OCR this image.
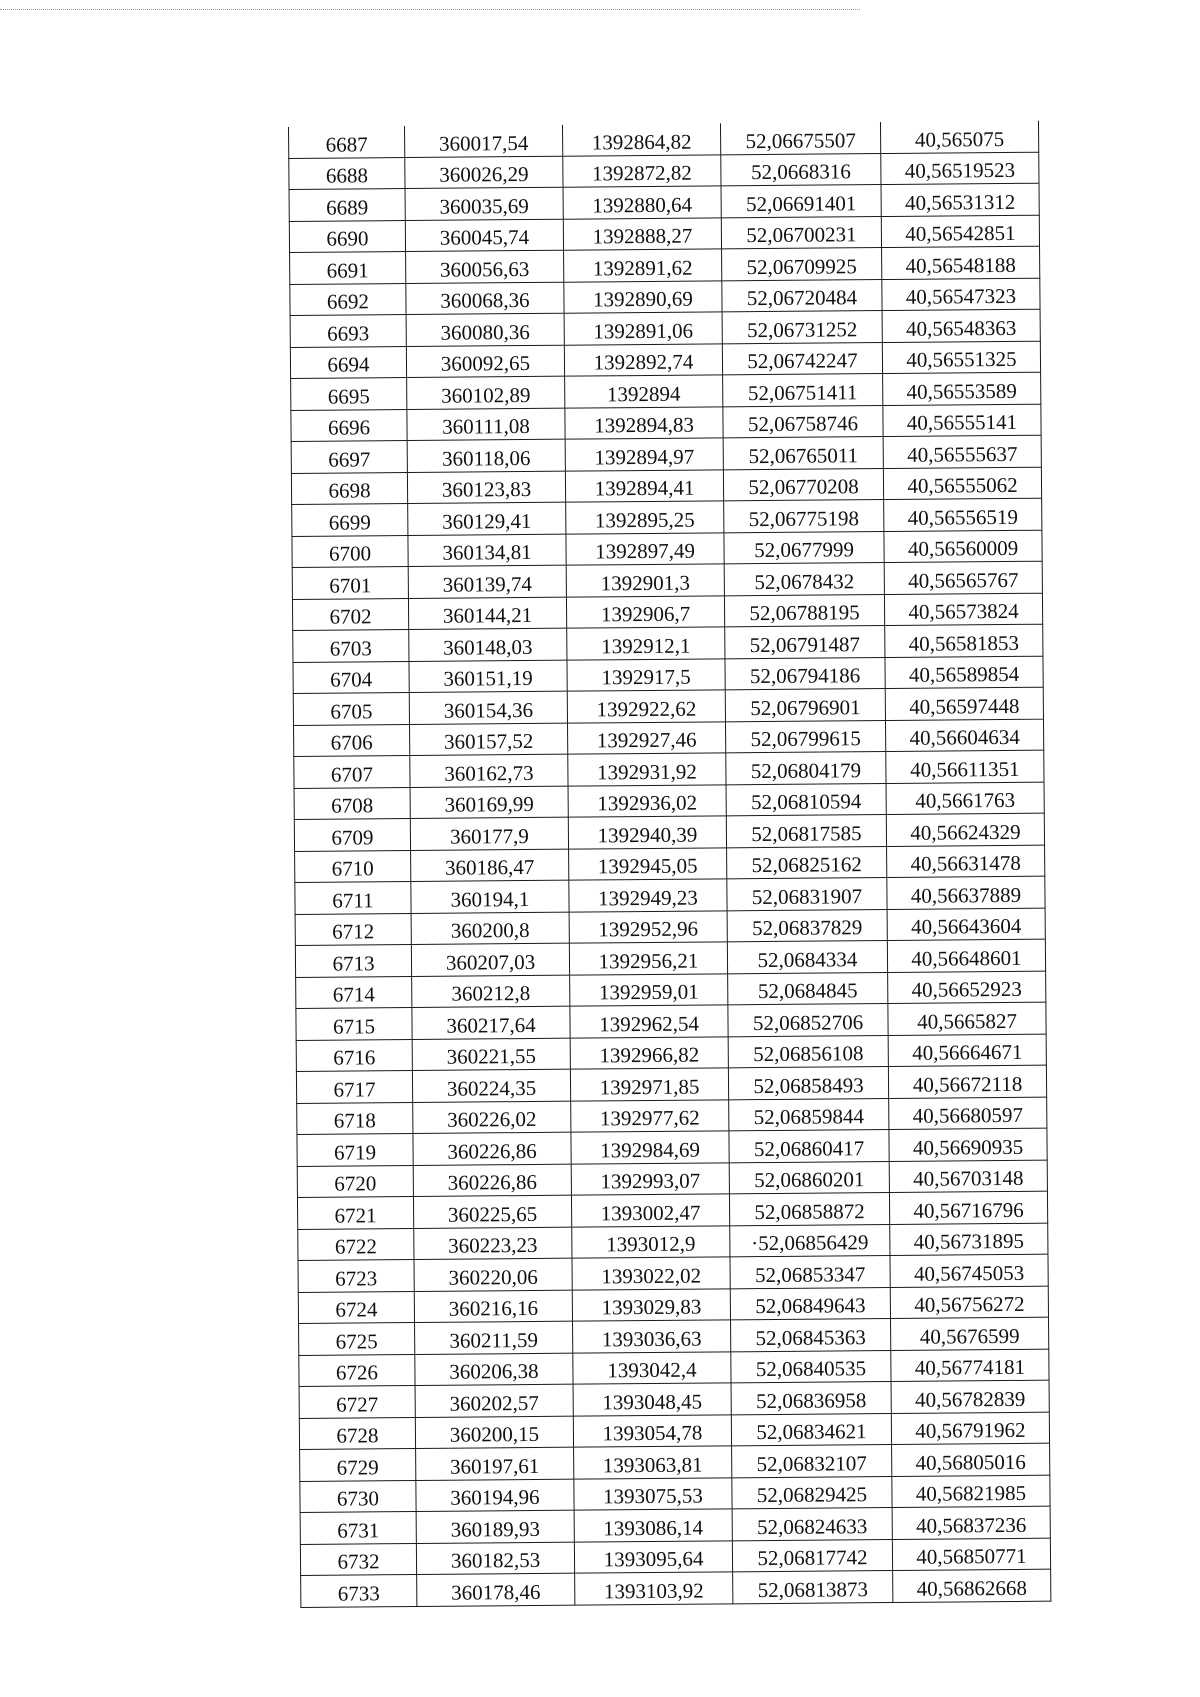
6687	360017,54	1392864,82	52,06675507	40,565075
6688	360026,29	1392872,82	52,0668316	40,56519523
6689	360035,69	1392880,64	52,06691401	40,56531312
6690	360045,74	1392888,27	52,06700231	40,56542851
6691	360056,63	1392891,62	52,06709925	40,56548188
6692	360068,36	1392890,69	52,06720484	40,56547323
6693	360080,36	1392891,06	52,06731252	40,56548363
6694	360092,65	1392892,74	52,06742247	40,56551325
6695	360102,89	1392894	52,06751411	40,56553589
6696	360111,08	1392894,83	52,06758746	40,56555141
6697	360118,06	1392894,97	52,06765011	40,56555637
6698	360123,83	1392894,41	52,06770208	40,56555062
6699	360129,41	1392895,25	52,06775198	40,56556519
6700	360134,81	1392897,49	52,0677999	40,56560009
6701	360139,74	1392901,3	52,0678432	40,56565767
6702	360144,21	1392906,7	52,06788195	40,56573824
6703	360148,03	1392912,1	52,06791487	40,56581853
6704	360151,19	1392917,5	52,06794186	40,56589854
6705	360154,36	1392922,62	52,06796901	40,56597448
6706	360157,52	1392927,46	52,06799615	40,56604634
6707	360162,73	1392931,92	52,06804179	40,56611351
6708	360169,99	1392936,02	52,06810594	40,5661763
6709	360177,9	1392940,39	52,06817585	40,56624329
6710	360186,47	1392945,05	52,06825162	40,56631478
6711	360194,1	1392949,23	52,06831907	40,56637889
6712	360200,8	1392952,96	52,06837829	40,56643604
6713	360207,03	1392956,21	52,0684334	40,56648601
6714	360212,8	1392959,01	52,0684845	40,56652923
6715	360217,64	1392962,54	52,06852706	40,5665827
6716	360221,55	1392966,82	52,06856108	40,56664671
6717	360224,35	1392971,85	52,06858493	40,56672118
6718	360226,02	1392977,62	52,06859844	40,56680597
6719	360226,86	1392984,69	52,06860417	40,56690935
6720	360226,86	1392993,07	52,06860201	40,56703148
6721	360225,65	1393002,47	52,06858872	40,56716796
6722	360223,23	1393012,9	·52,06856429	40,56731895
6723	360220,06	1393022,02	52,06853347	40,56745053
6724	360216,16	1393029,83	52,06849643	40,56756272
6725	360211,59	1393036,63	52,06845363	40,5676599
6726	360206,38	1393042,4	52,06840535	40,56774181
6727	360202,57	1393048,45	52,06836958	40,56782839
6728	360200,15	1393054,78	52,06834621	40,56791962
6729	360197,61	1393063,81	52,06832107	40,56805016
6730	360194,96	1393075,53	52,06829425	40,56821985
6731	360189,93	1393086,14	52,06824633	40,56837236
6732	360182,53	1393095,64	52,06817742	40,56850771
6733	360178,46	1393103,92	52,06813873	40,56862668
